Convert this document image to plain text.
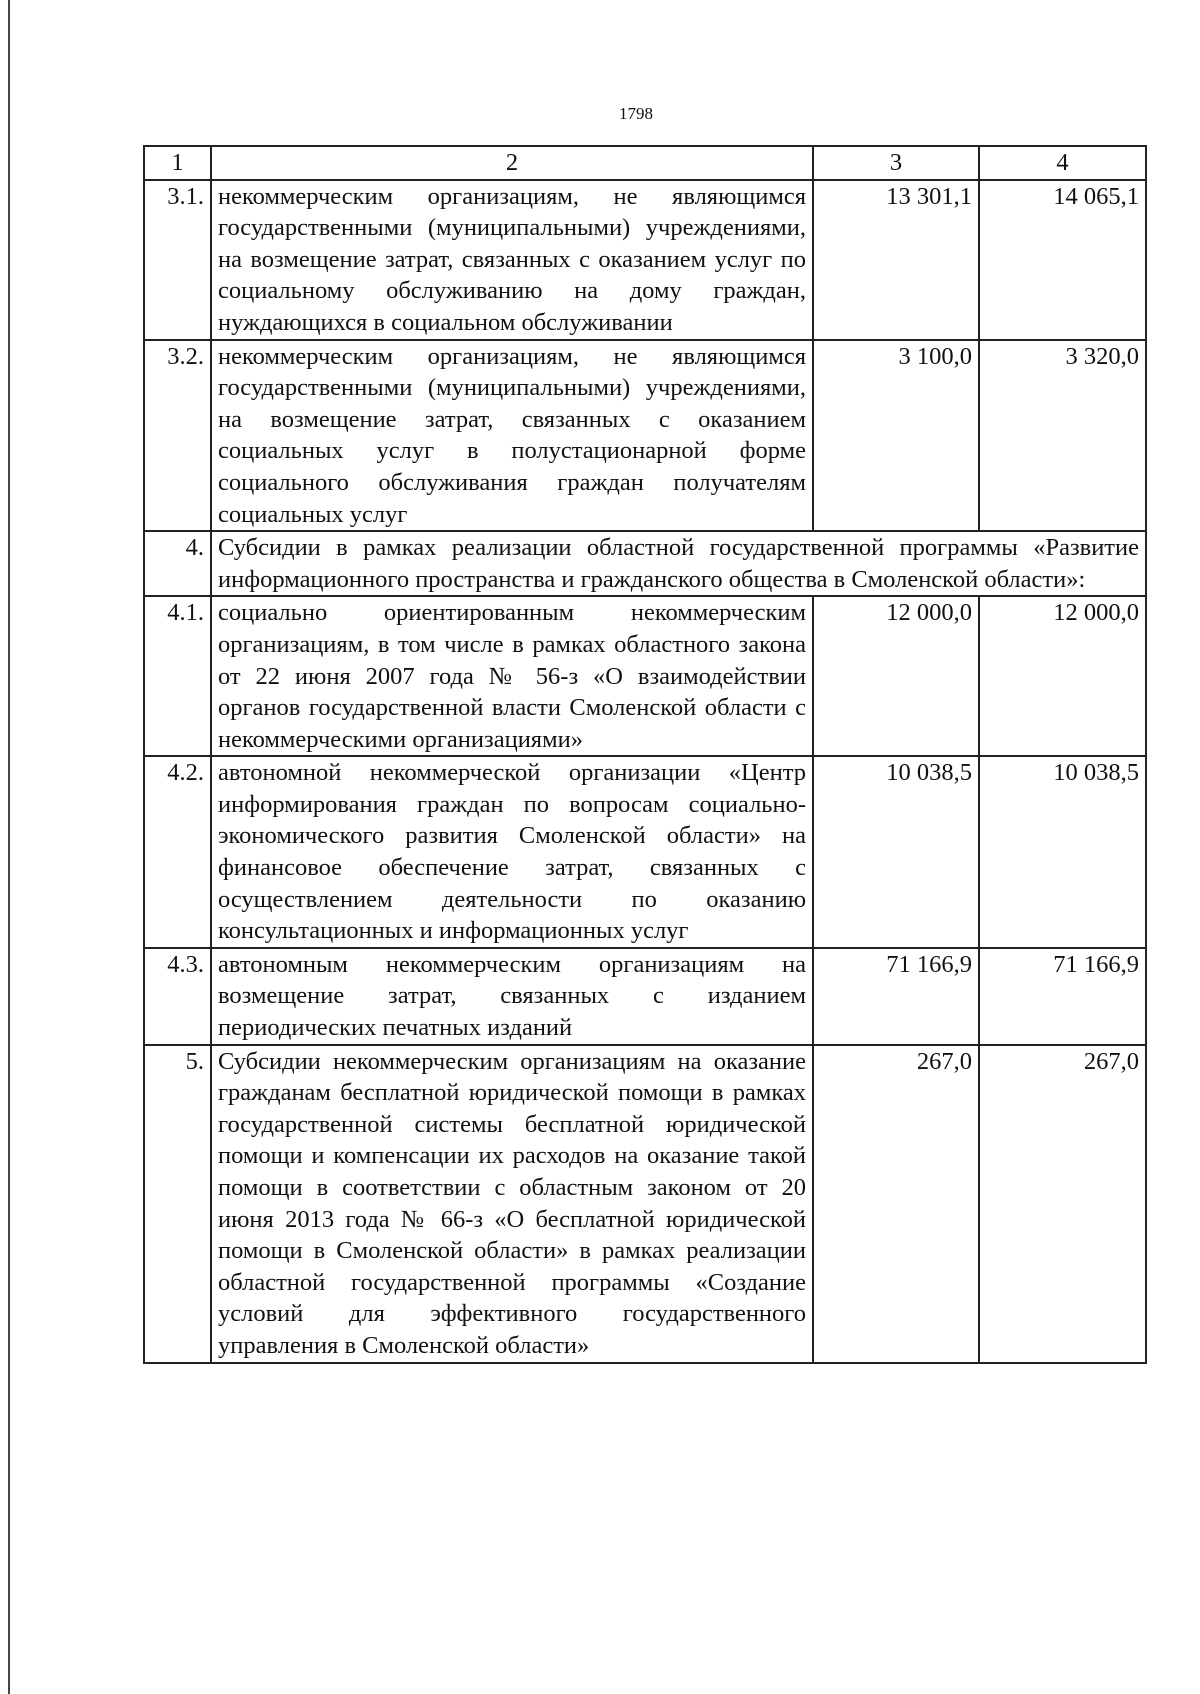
1798
1	2	3	4
3.1.	некоммерческим организациям, не являющимся государственными (муниципальными) учреждениями, на возмещение затрат, связанных с оказанием услуг по социальному обслуживанию на дому граждан, нуждающихся в социальном обслуживании	13 301,1	14 065,1
3.2.	некоммерческим организациям, не являющимся государственными (муниципальными) учреждениями, на возмещение затрат, связанных с оказанием социальных услуг в полустационарной форме социального обслуживания граждан получателям социальных услуг	3 100,0	3 320,0
4.	Субсидии в рамках реализации областной государственной программы «Развитие информационного пространства и гражданского общества в Смоленской области»:		
4.1.	социально ориентированным некоммерческим организациям, в том числе в рамках областного закона от 22 июня 2007 года № 56-з «О взаимодействии органов государственной власти Смоленской области с некоммерческими организациями»	12 000,0	12 000,0
4.2.	автономной некоммерческой организации «Центр информирования граждан по вопросам социально-экономического развития Смоленской области» на финансовое обеспечение затрат, связанных с осуществлением деятельности по оказанию консультационных и информационных услуг	10 038,5	10 038,5
4.3.	автономным некоммерческим организациям на возмещение затрат, связанных с изданием периодических печатных изданий	71 166,9	71 166,9
5.	Субсидии некоммерческим организациям на оказание гражданам бесплатной юридической помощи в рамках государственной системы бесплатной юридической помощи и компенсации их расходов на оказание такой помощи в соответствии с областным законом от 20 июня 2013 года № 66-з «О бесплатной юридической помощи в Смоленской области» в рамках реализации областной государственной программы «Создание условий для эффективного государственного управления в Смоленской области»	267,0	267,0
